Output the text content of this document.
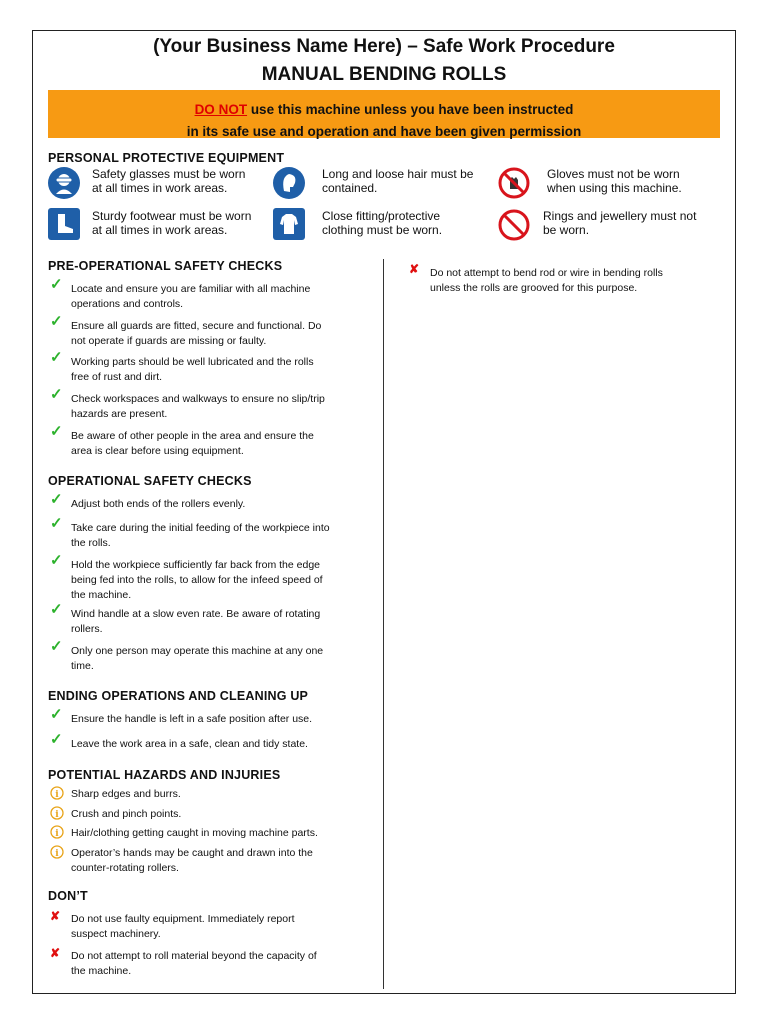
(Your Business Name Here) – Safe Work Procedure
MANUAL BENDING ROLLS
DO NOT use this machine unless you have been instructed
in its safe use and operation and have been given permission
PERSONAL PROTECTIVE EQUIPMENT
Safety glasses must be worn
at all times in work areas.
Long and loose hair must be
contained.
Gloves must not be worn
when using this machine.
Sturdy footwear must be worn
at all times in work areas.
Close fitting/protective
clothing must be worn.
Rings and jewellery must not
be worn.
PRE-OPERATIONAL SAFETY CHECKS
✓ Locate and ensure you are familiar with all machine
operations and controls.
✓ Ensure all guards are fitted, secure and functional. Do
not operate if guards are missing or faulty.
✓ Working parts should be well lubricated and the rolls
free of rust and dirt.
✓ Check workspaces and walkways to ensure no slip/trip
hazards are present.
✓ Be aware of other people in the area and ensure the
area is clear before using equipment.
OPERATIONAL SAFETY CHECKS
✓ Adjust both ends of the rollers evenly.
✓ Take care during the initial feeding of the workpiece into
the rolls.
✓ Hold the workpiece sufficiently far back from the edge
being fed into the rolls, to allow for the infeed speed of
the machine.
✓ Wind handle at a slow even rate. Be aware of rotating
rollers.
✓ Only one person may operate this machine at any one
time.
ENDING OPERATIONS AND CLEANING UP
✓ Ensure the handle is left in a safe position after use.
✓ Leave the work area in a safe, clean and tidy state.
POTENTIAL HAZARDS AND INJURIES
i Sharp edges and burrs.
i Crush and pinch points.
i Hair/clothing getting caught in moving machine parts.
i Operator’s hands may be caught and drawn into the
counter-rotating rollers.
DON’T
✘ Do not use faulty equipment. Immediately report
suspect machinery.
✘ Do not attempt to roll material beyond the capacity of
the machine.
✘ Do not attempt to bend rod or wire in bending rolls
unless the rolls are grooved for this purpose.
